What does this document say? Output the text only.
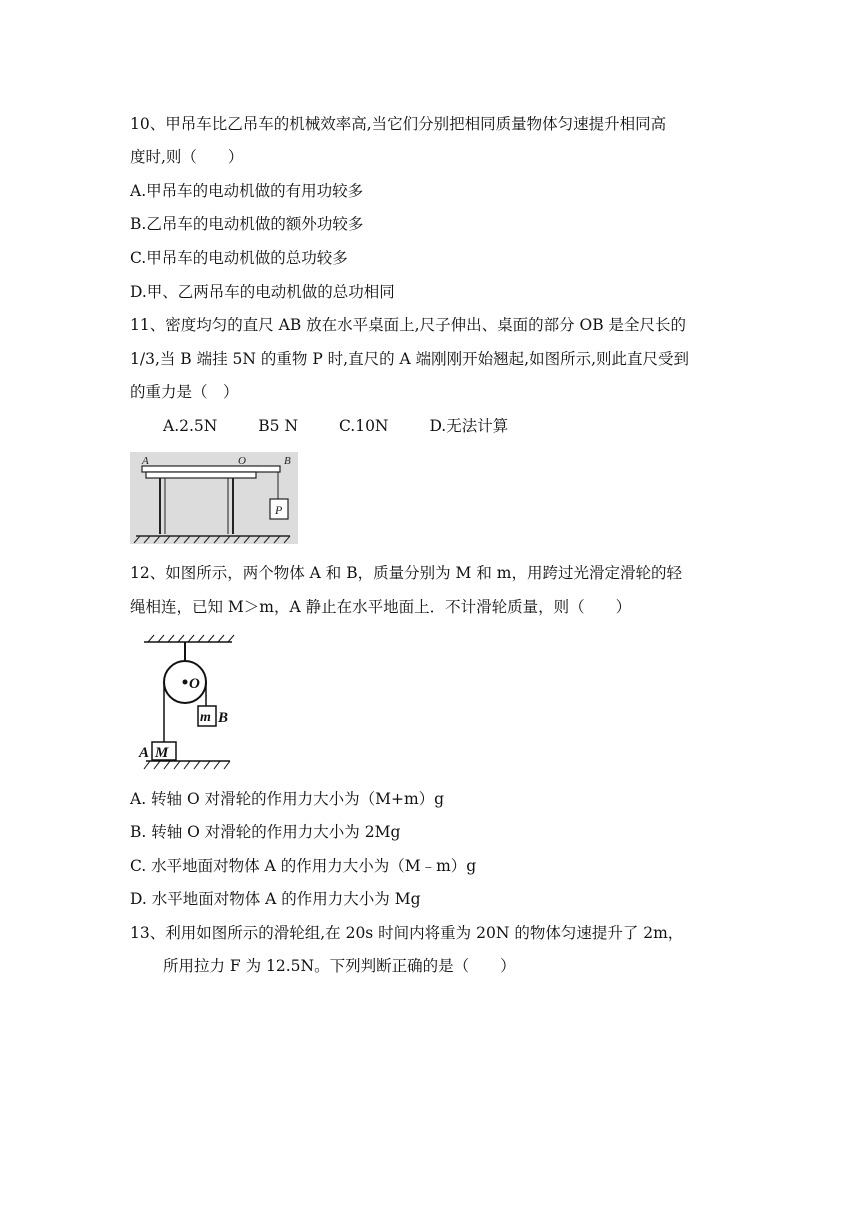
10、甲吊车比乙吊车的机械效率高,当它们分别把相同质量物体匀速提升相同高
度时,则（　　）
A.甲吊车的电动机做的有用功较多
B.乙吊车的电动机做的额外功较多
C.甲吊车的电动机做的总功较多
D.甲、乙两吊车的电动机做的总功相同
11、密度均匀的直尺 AB 放在水平桌面上,尺子伸出、桌面的部分 OB 是全尺长的
1/3,当 B 端挂 5N 的重物 P 时,直尺的 A 端刚刚开始翘起,如图所示,则此直尺受到
的重力是（　）
A.2.5N	B5 N	C.10N	D.无法计算
A	O	B
P
12、如图所示，两个物体 A 和 B，质量分别为 M 和 m，用跨过光滑定滑轮的轻
绳相连，已知 M＞m，A 静止在水平地面上．不计滑轮质量，则（　　）
O
m B
A M
A. 转轴 O 对滑轮的作用力大小为（M+m）g
B. 转轴 O 对滑轮的作用力大小为 2Mg
C. 水平地面对物体 A 的作用力大小为（M﹣m）g
D. 水平地面对物体 A 的作用力大小为 Mg
13、利用如图所示的滑轮组,在 20s 时间内将重为 20N 的物体匀速提升了 2m，
所用拉力 F 为 12.5N。下列判断正确的是（　　）
